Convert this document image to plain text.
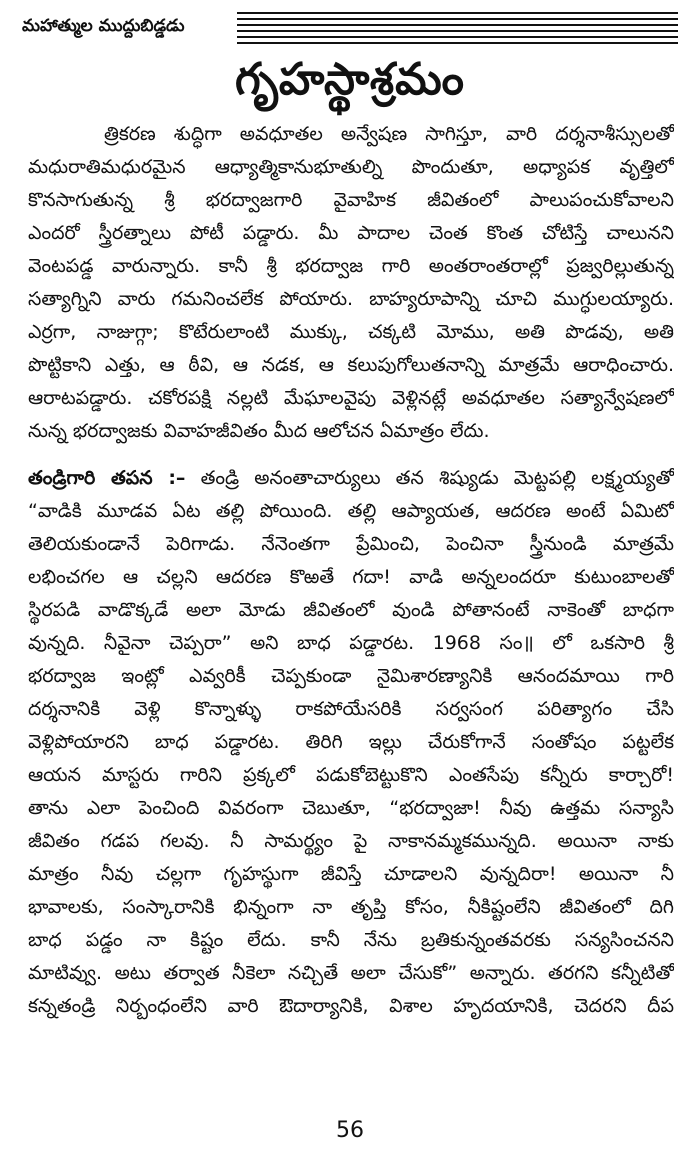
మహాత్ముల ముద్దుబిడ్డడు
గృహస్థాశ్రమం
త్రికరణ శుద్ధిగా అవధూతల అన్వేషణ సాగిస్తూ, వారి దర్శనాశీస్సులతో
మధురాతిమధురమైన ఆధ్యాత్మికానుభూతుల్ని పొందుతూ, అధ్యాపక వృత్తిలో
కొనసాగుతున్న శ్రీ భరద్వాజగారి వైవాహిక జీవితంలో పాలుపంచుకోవాలని
ఎందరో స్త్రీరత్నాలు పోటీ పడ్డారు. మీ పాదాల చెంత కొంత చోటిస్తే చాలునని
వెంటపడ్డ వారున్నారు. కానీ శ్రీ భరద్వాజ గారి అంతరాంతరాల్లో ప్రజ్వరిల్లుతున్న
సత్యాగ్నిని వారు గమనించలేక పోయారు. బాహ్యరూపాన్ని చూచి ముగ్ధులయ్యారు.
ఎర్రగా, నాజుగ్గా; కొటేరులాంటి ముక్కు, చక్కటి మోము, అతి పొడవు, అతి
పొట్టికాని ఎత్తు, ఆ ఠీవి, ఆ నడక, ఆ కలుపుగోలుతనాన్ని మాత్రమే ఆరాధించారు.
ఆరాటపడ్డారు. చకోరపక్షి నల్లటి మేఘాలవైపు వెళ్లినట్లే అవధూతల సత్యాన్వేషణలో
నున్న భరద్వాజకు వివాహజీవితం మీద ఆలోచన ఏమాత్రం లేదు.
తండ్రిగారి తపన :– తండ్రి అనంతాచార్యులు తన శిష్యుడు మెట్టపల్లి లక్ష్మయ్యతో
“వాడికి మూడవ ఏట తల్లి పోయింది. తల్లి ఆప్యాయత, ఆదరణ అంటే ఏమిటో
తెలియకుండానే పెరిగాడు. నేనెంతగా ప్రేమించి, పెంచినా స్త్రీనుండి మాత్రమే
లభించగల ఆ చల్లని ఆదరణ కొఱతే గదా! వాడి అన్నలందరూ కుటుంబాలతో
స్థిరపడి వాడొక్కడే అలా మోడు జీవితంలో వుండి పోతానంటే నాకెంతో బాధగా
వున్నది. నీవైనా చెప్పరా” అని బాధ పడ్డారట. 1968 సం॥ లో ఒకసారి శ్రీ
భరద్వాజ ఇంట్లో ఎవ్వరికీ చెప్పకుండా నైమిశారణ్యానికి ఆనందమాయి గారి
దర్శనానికి వెళ్లి కొన్నాళ్ళు రాకపోయేసరికి సర్వసంగ పరిత్యాగం చేసి
వెళ్లిపోయారని బాధ పడ్డారట. తిరిగి ఇల్లు చేరుకోగానే సంతోషం పట్టలేక
ఆయన మాస్టరు గారిని ప్రక్కలో పడుకోబెట్టుకొని ఎంతసేపు కన్నీరు కార్చారో!
తాను ఎలా పెంచింది వివరంగా చెబుతూ, “భరద్వాజా! నీవు ఉత్తమ సన్యాసి
జీవితం గడప గలవు. నీ సామర్థ్యం పై నాకానమ్మకమున్నది. అయినా నాకు
మాత్రం నీవు చల్లగా గృహస్థుగా జీవిస్తే చూడాలని వున్నదిరా! అయినా నీ
భావాలకు, సంస్కారానికి భిన్నంగా నా తృప్తి కోసం, నీకిష్టంలేని జీవితంలో దిగి
బాధ పడ్డం నా కిష్టం లేదు. కానీ నేను బ్రతికున్నంతవరకు సన్యసించనని
మాటివ్వు. అటు తర్వాత నీకెలా నచ్చితే అలా చేసుకో” అన్నారు. తరగని కన్నీటితో
కన్నతండ్రి నిర్బంధంలేని వారి ఔదార్యానికి, విశాల హృదయానికి, చెదరని దీప
56
